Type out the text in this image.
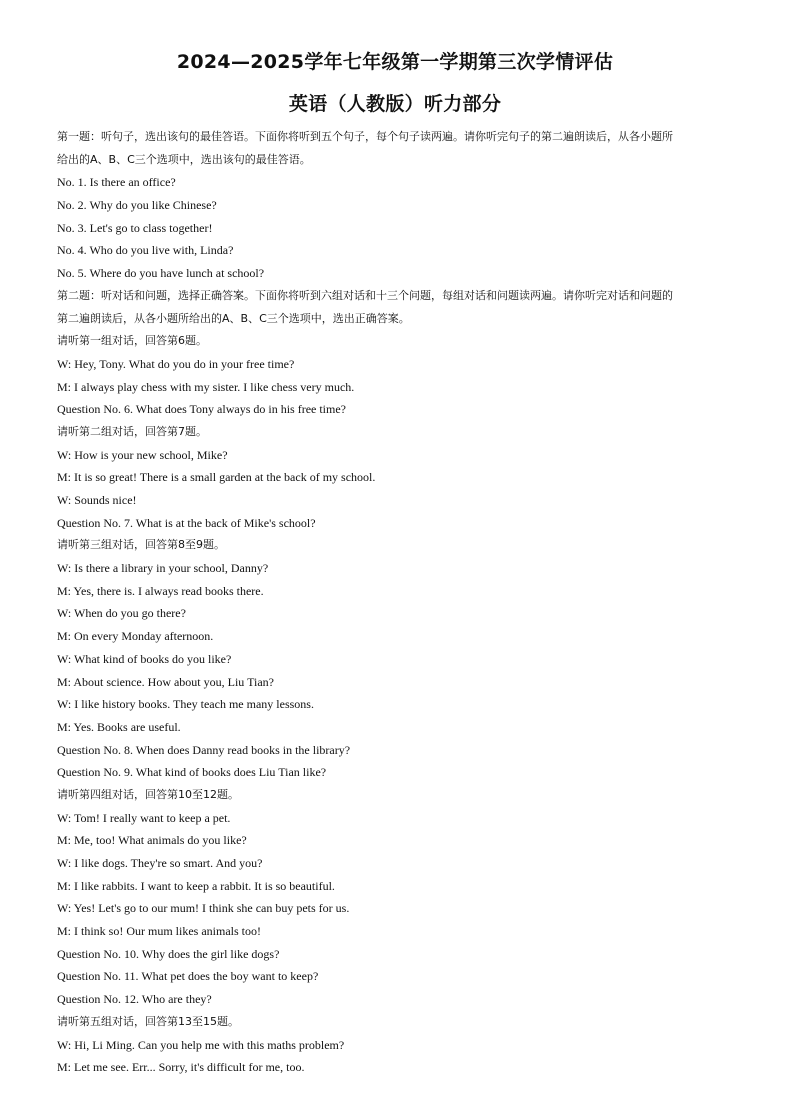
2024—2025学年七年级第一学期第三次学情评估
英语（人教版）听力部分
第一题：听句子，选出该句的最佳答语。下面你将听到五个句子，每个句子读两遍。请你听完句子的第二遍朗读后，从各小题所
给出的A、B、C三个选项中，选出该句的最佳答语。
No. 1. Is there an office?
No. 2. Why do you like Chinese?
No. 3. Let's go to class together!
No. 4. Who do you live with, Linda?
No. 5. Where do you have lunch at school?
第二题：听对话和问题，选择正确答案。下面你将听到六组对话和十三个问题，每组对话和问题读两遍。请你听完对话和问题的
第二遍朗读后，从各小题所给出的A、B、C三个选项中，选出正确答案。
请听第一组对话，回答第6题。
W: Hey, Tony. What do you do in your free time?
M: I always play chess with my sister. I like chess very much.
Question No. 6. What does Tony always do in his free time?
请听第二组对话，回答第7题。
W: How is your new school, Mike?
M: It is so great! There is a small garden at the back of my school.
W: Sounds nice!
Question No. 7. What is at the back of Mike's school?
请听第三组对话，回答第8至9题。
W: Is there a library in your school, Danny?
M: Yes, there is. I always read books there.
W: When do you go there?
M: On every Monday afternoon.
W: What kind of books do you like?
M: About science. How about you, Liu Tian?
W: I like history books. They teach me many lessons.
M: Yes. Books are useful.
Question No. 8. When does Danny read books in the library?
Question No. 9. What kind of books does Liu Tian like?
请听第四组对话，回答第10至12题。
W: Tom! I really want to keep a pet.
M: Me, too! What animals do you like?
W: I like dogs. They're so smart. And you?
M: I like rabbits. I want to keep a rabbit. It is so beautiful.
W: Yes! Let's go to our mum! I think she can buy pets for us.
M: I think so! Our mum likes animals too!
Question No. 10. Why does the girl like dogs?
Question No. 11. What pet does the boy want to keep?
Question No. 12. Who are they?
请听第五组对话，回答第13至15题。
W: Hi, Li Ming. Can you help me with this maths problem?
M: Let me see. Err... Sorry, it's difficult for me, too.
